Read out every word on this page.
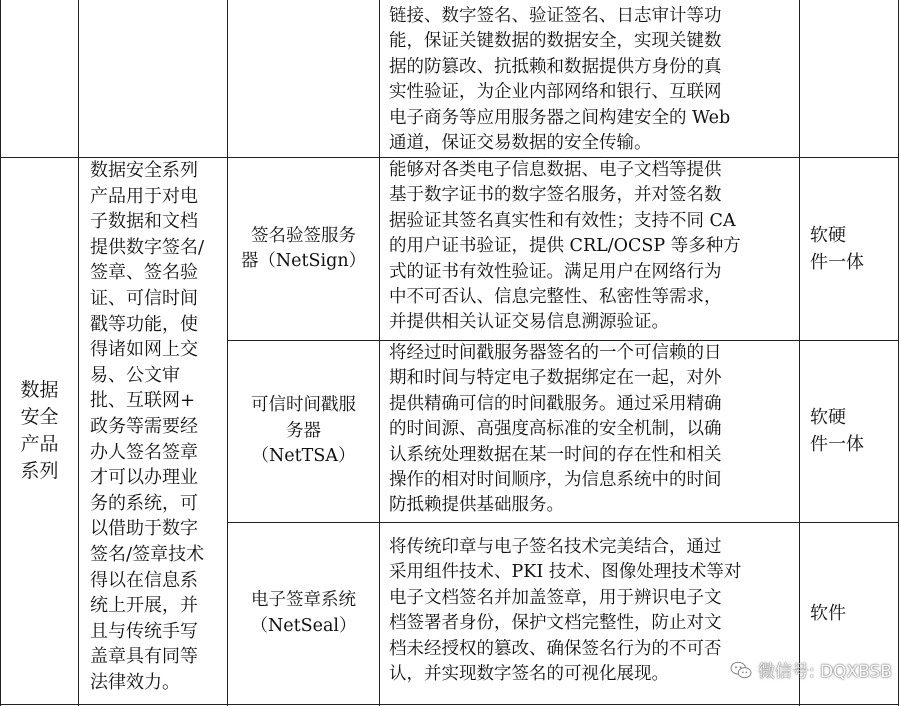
链接、数字签名、验证签名、日志审计等功
能，保证关键数据的数据安全，实现关键数
据的防篡改、抗抵赖和数据提供方身份的真
实性验证，为企业内部网络和银行、互联网
电子商务等应用服务器之间构建安全的 Web
通道，保证交易数据的安全传输。
数据
安全
产品
系列
数据安全系列
产品用于对电
子数据和文档
提供数字签名/
签章、签名验
证、可信时间
戳等功能，使
得诸如网上交
易、公文审
批、互联网+
政务等需要经
办人签名签章
才可以办理业
务的系统，可
以借助于数字
签名/签章技术
得以在信息系
统上开展，并
且与传统手写
盖章具有同等
法律效力。
签名验签服务
器（NetSign）
能够对各类电子信息数据、电子文档等提供
基于数字证书的数字签名服务，并对签名数
据验证其签名真实性和有效性；支持不同 CA
的用户证书验证，提供 CRL/OCSP 等多种方
式的证书有效性验证。满足用户在网络行为
中不可否认、信息完整性、私密性等需求，
并提供相关认证交易信息溯源验证。
软硬
件一体
可信时间戳服
务器
（NetTSA）
将经过时间戳服务器签名的一个可信赖的日
期和时间与特定电子数据绑定在一起，对外
提供精确可信的时间戳服务。通过采用精确
的时间源、高强度高标准的安全机制，以确
认系统处理数据在某一时间的存在性和相关
操作的相对时间顺序，为信息系统中的时间
防抵赖提供基础服务。
软硬
件一体
电子签章系统
（NetSeal）
将传统印章与电子签名技术完美结合，通过
采用组件技术、PKI 技术、图像处理技术等对
电子文档签名并加盖签章，用于辨识电子文
档签署者身份，保护文档完整性，防止对文
档未经授权的篡改、确保签名行为的不可否
认，并实现数字签名的可视化展现。
软件
微信号: DQXBSB
